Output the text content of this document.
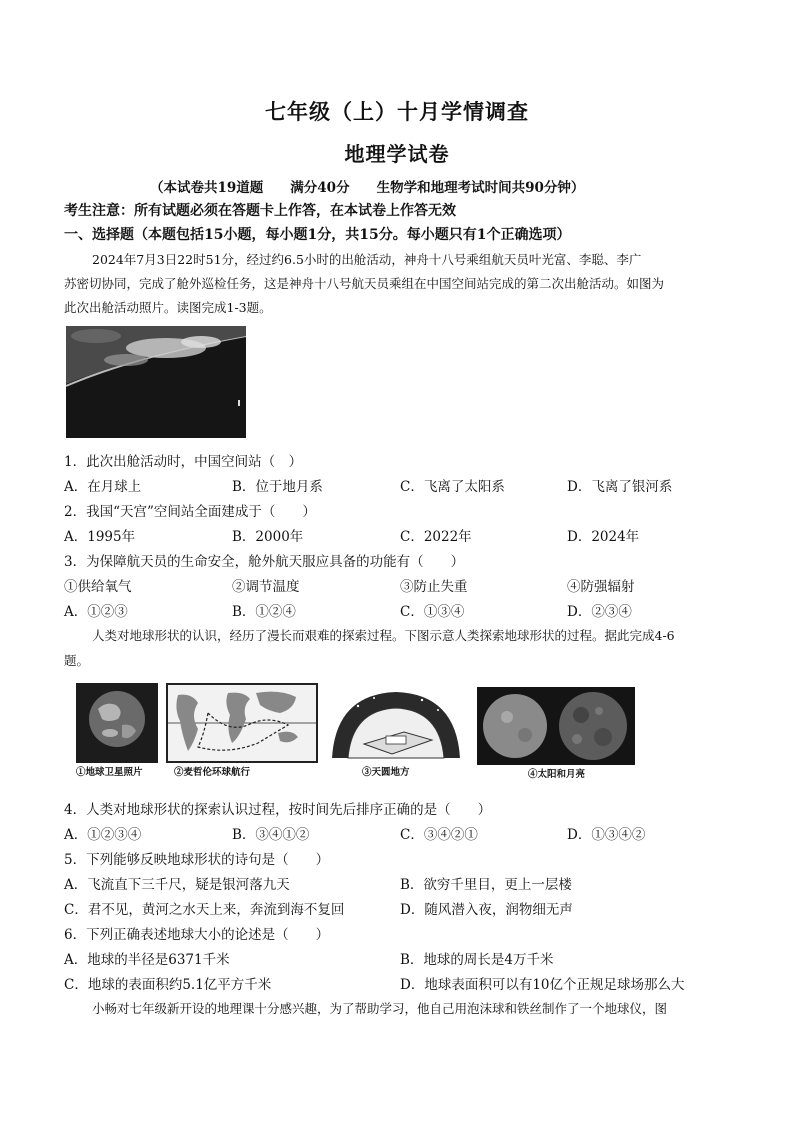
七年级（上）十月学情调查
地理学试卷
（本试卷共19道题　　满分40分　　生物学和地理考试时间共90分钟）
考生注意：所有试题必须在答题卡上作答，在本试卷上作答无效
一、选择题（本题包括15小题，每小题1分，共15分。每小题只有1个正确选项）
2024年7月3日22时51分，经过约6.5小时的出舱活动，神舟十八号乘组航天员叶光富、李聪、李广
苏密切协同，完成了舱外巡检任务，这是神舟十八号航天员乘组在中国空间站完成的第二次出舱活动。如图为
此次出舱活动照片。读图完成1-3题。
1．此次出舱活动时，中国空间站（　）
A．在月球上	B．位于地月系	C．飞离了太阳系	D．飞离了银河系
2．我国“天宫”空间站全面建成于（　　）
A．1995年	B．2000年	C．2022年	D．2024年
3．为保障航天员的生命安全，舱外航天服应具备的功能有（　　）
①供给氧气	②调节温度	③防止失重	④防强辐射
A．①②③	B．①②④	C．①③④	D．②③④
人类对地球形状的认识，经历了漫长而艰难的探索过程。下图示意人类探索地球形状的过程。据此完成4-6
题。
①地球卫星照片	②麦哲伦环球航行	③天圆地方	④太阳和月亮
4．人类对地球形状的探索认识过程，按时间先后排序正确的是（　　）
A．①②③④	B．③④①②	C．③④②①	D．①③④②
5．下列能够反映地球形状的诗句是（　　）
A．飞流直下三千尺，疑是银河落九天	B．欲穷千里目，更上一层楼
C．君不见，黄河之水天上来，奔流到海不复回	D．随风潜入夜，润物细无声
6．下列正确表述地球大小的论述是（　　）
A．地球的半径是6371千米	B．地球的周长是4万千米
C．地球的表面积约5.1亿平方千米	D．地球表面积可以有10亿个正规足球场那么大
小畅对七年级新开设的地理课十分感兴趣，为了帮助学习，他自己用泡沫球和铁丝制作了一个地球仪，图
